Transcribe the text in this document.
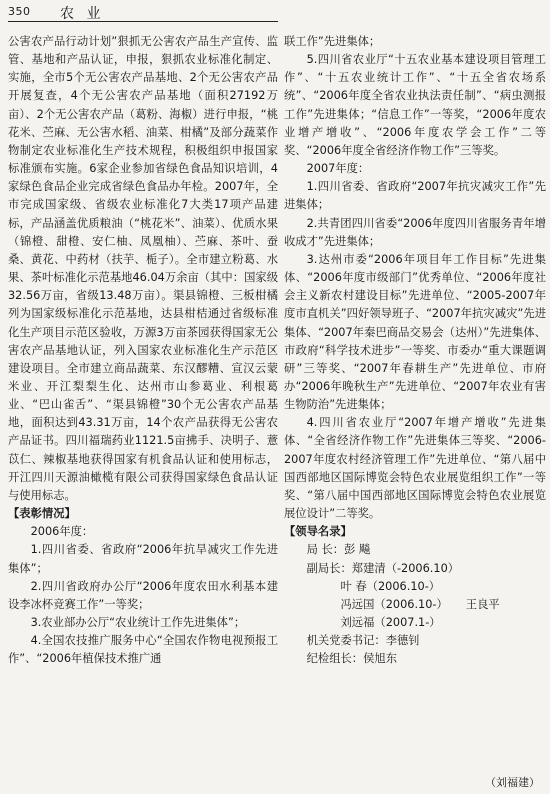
350 农 业

公害农产品行动计划”狠抓无公害农产品生产宣传、监管、基地和产品认证，申报，狠抓农业标准化制定、实施，全市5个无公害农产品基地、2个无公害农产品开展复查，4个无公害农产品基地（面积27192万亩）、2个无公害农产品（葛粉、海椒）进行申报，“桃花米、苎麻、无公害水稻、油菜、柑橘”及部分蔬菜作物制定农业标准化生产技术规程，积极组织申报国家标准颁布实施。6家企业参加省绿色食品知识培训，4家绿色食品企业完成省绿色食品办年检。2007年，全市完成国家级、省级农业标准化7大类17项产品建标，产品涵盖优质粮油（“桃花米”、油菜）、优质水果（锦橙、甜橙、安仁柚、凤凰柚）、苎麻、茶叶、蚕桑、黄花、中药材（扶芋、栀子）。全市建立粉葛、水果、茶叶标准化示范基地46.04万余亩（其中：国家级32.56万亩，省级13.48万亩）。渠县锦橙、三板柑橘列为国家级标准化示范基地，达县柑桔通过省级标准化生产项目示范区验收，万源3万亩茶园获得国家无公害农产品基地认证，列入国家农业标准化生产示范区建设项目。全市建立商品蔬菜、东汉醪糟、宣汉云蒙米业、开江梨梨生化、达州市山参葛业、利根葛业、“巴山雀舌”、“渠县锦橙”30个无公害农产品基地，面积达到43.31万亩，14个农产品获得无公害农产品证书。四川福瑞药业1121.5亩拂手、决明子、薏苡仁、辣椒基地获得国家有机食品认证和使用标志，开江四川天源油橄榄有限公司获得国家绿色食品认证与使用标志。

【表彰情况】

2006年度：

1.四川省委、省政府“2006年抗旱减灾工作先进集体”；

2.四川省政府办公厅“2006年度农田水利基本建设李冰杯竞赛工作”一等奖；

3.农业部办公厅“农业统计工作先进集体”；

4.全国农技推广服务中心“全国农作物电视预报工作”、“2006年植保技术推广通

联工作”先进集体；

5.四川省农业厅“十五农业基本建设项目管理工作”、“十五农业统计工作”、“十五全省农场系统”、“2006年度全省农业执法责任制”、“病虫测报工作”先进集体；“信息工作”一等奖，“2006年度农业增产增收”、“2006年度农学会工作”二等奖、“2006年度全省经济作物工作”三等奖。

2007年度：

1.四川省委、省政府“2007年抗灾减灾工作”先进集体；

2.共青团四川省委“2006年度四川省服务青年增收成才”先进集体；

3.达州市委“2006年项目年工作目标”先进集体、“2006年度市级部门”优秀单位、“2006年度社会主义新农村建设目标”先进单位、“2005-2007年度市直机关”四好领导班子、“2007年抗灾减灾”先进集体、“2007年秦巴商品交易会（达州）”先进集体、市政府“科学技术进步”一等奖、市委办“重大课题调研”三等奖、“2007年春耕生产”先进单位、市府办“2006年晚秋生产”先进单位、“2007年农业有害生物防治”先进集体；

4.四川省农业厅“2007年增产增收”先进集体、“全省经济作物工作”先进集体三等奖、“2006-2007年度农村经济管理工作”先进单位、“第八届中国西部地区国际博览会特色农业展览组织工作”一等奖、“第八届中国西部地区国际博览会特色农业展览展位设计”二等奖。

【领导名录】

局 长： 彭 飚
副局长： 郑建清（-2006.10）
叶 春（2006.10-）
冯远国（2006.10-） 王良平
刘远福（2007.1-）
机关党委书记： 李德钊
纪检组长： 侯旭东
（刘福建）
